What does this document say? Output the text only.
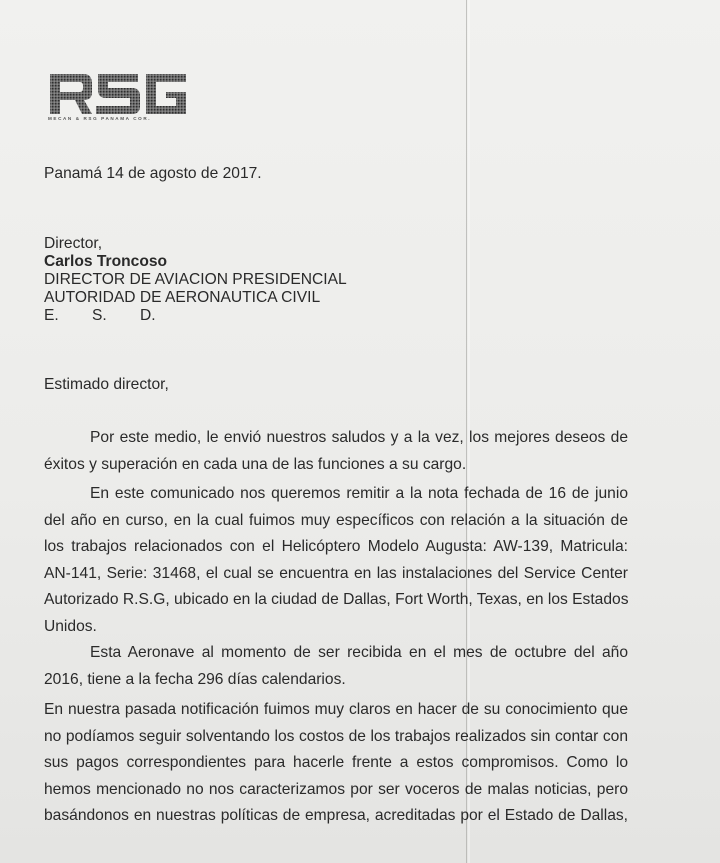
MECAN & RSG PANAMA COR.
Panamá 14 de agosto de 2017.
Director,
Carlos Troncoso
DIRECTOR DE AVIACION PRESIDENCIAL
AUTORIDAD DE AERONAUTICA CIVIL
E. S. D.
Estimado director,
Por este medio, le envió nuestros saludos y a la vez, los mejores deseos de
éxitos y superación en cada una de las funciones a su cargo.
En este comunicado nos queremos remitir a la nota fechada de 16 de junio
del año en curso, en la cual fuimos muy específicos con relación a la situación de
los trabajos relacionados con el Helicóptero Modelo Augusta: AW-139, Matricula:
AN-141, Serie: 31468, el cual se encuentra en las instalaciones del Service Center
Autorizado R.S.G, ubicado en la ciudad de Dallas, Fort Worth, Texas, en los Estados
Unidos.
Esta Aeronave al momento de ser recibida en el mes de octubre del año
2016, tiene a la fecha 296 días calendarios.
En nuestra pasada notificación fuimos muy claros en hacer de su conocimiento que
no podíamos seguir solventando los costos de los trabajos realizados sin contar con
sus pagos correspondientes para hacerle frente a estos compromisos. Como lo
hemos mencionado no nos caracterizamos por ser voceros de malas noticias, pero
basándonos en nuestras políticas de empresa, acreditadas por el Estado de Dallas,
